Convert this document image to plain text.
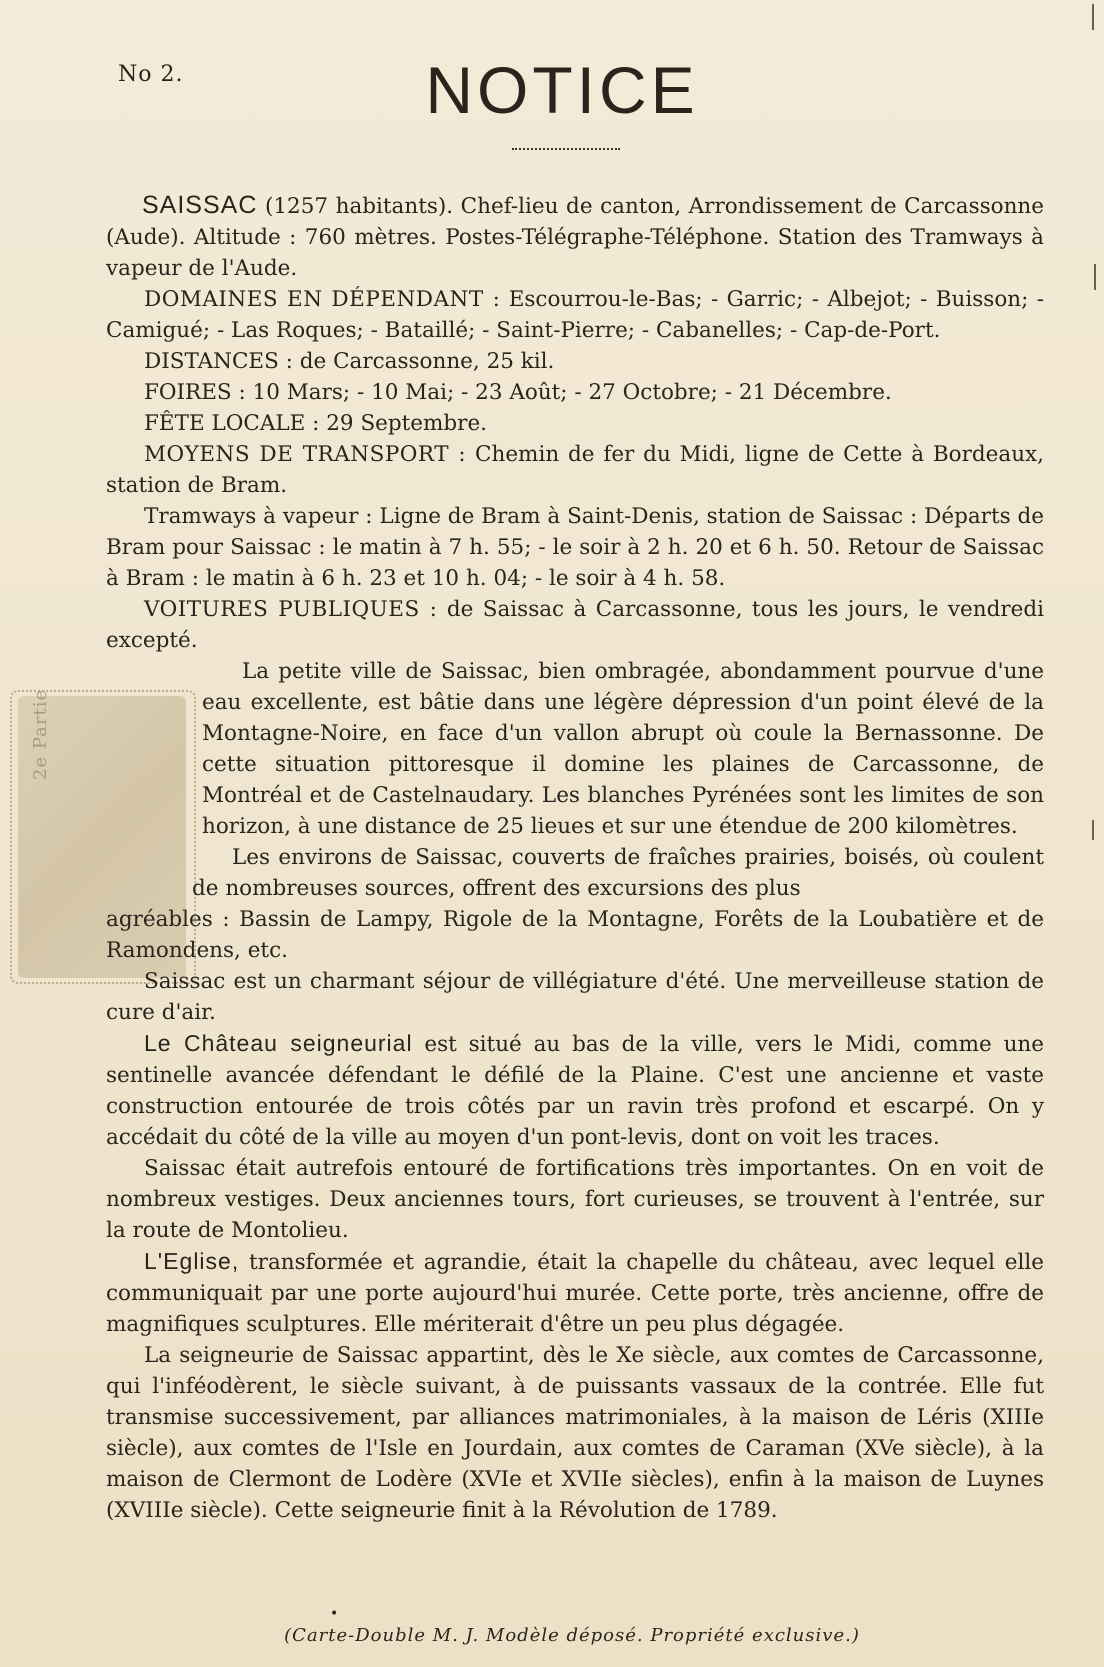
No 2.	NOTICE
2e Partie

SAISSAC (1257 habitants). Chef-lieu de canton, Arrondissement de Carcassonne (Aude). Altitude : 760 mètres. Postes-Télégraphe-Téléphone. Station des Tramways à vapeur de l'Aude.

DOMAINES EN DÉPENDANT : Escourrou-le-Bas; - Garric; - Albejot; - Buisson; - Camigué; - Las Roques; - Bataillé; - Saint-Pierre; - Cabanelles; - Cap-de-Port.

DISTANCES : de Carcassonne, 25 kil.

FOIRES : 10 Mars; - 10 Mai; - 23 Août; - 27 Octobre; - 21 Décembre.

FÊTE LOCALE : 29 Septembre.

MOYENS DE TRANSPORT : Chemin de fer du Midi, ligne de Cette à Bordeaux, station de Bram.

Tramways à vapeur : Ligne de Bram à Saint-Denis, station de Saissac : Départs de Bram pour Saissac : le matin à 7 h. 55; - le soir à 2 h. 20 et 6 h. 50. Retour de Saissac à Bram : le matin à 6 h. 23 et 10 h. 04; - le soir à 4 h. 58.

VOITURES PUBLIQUES : de Saissac à Carcassonne, tous les jours, le vendredi excepté.

La petite ville de Saissac, bien ombragée, abondamment pourvue d'une eau excellente, est bâtie dans une légère dépression d'un point élevé de la Montagne-Noire, en face d'un vallon abrupt où coule la Bernassonne. De cette situation pittoresque il domine les plaines de Carcassonne, de Montréal et de Castelnaudary. Les blanches Pyrénées sont les limites de son horizon, à une distance de 25 lieues et sur une étendue de 200 kilomètres.

Les environs de Saissac, couverts de fraîches prairies, boisés, où coulent de nombreuses sources, offrent des excursions des plus

agréables : Bassin de Lampy, Rigole de la Montagne, Forêts de la Loubatière et de Ramondens, etc.

Saissac est un charmant séjour de villégiature d'été. Une merveilleuse station de cure d'air.

Le Château seigneurial est situé au bas de la ville, vers le Midi, comme une sentinelle avancée défendant le défilé de la Plaine. C'est une ancienne et vaste construction entourée de trois côtés par un ravin très profond et escarpé. On y accédait du côté de la ville au moyen d'un pont-levis, dont on voit les traces.

Saissac était autrefois entouré de fortifications très importantes. On en voit de nombreux vestiges. Deux anciennes tours, fort curieuses, se trouvent à l'entrée, sur la route de Montolieu.

L'Eglise, transformée et agrandie, était la chapelle du château, avec lequel elle communiquait par une porte aujourd'hui murée. Cette porte, très ancienne, offre de magnifiques sculptures. Elle mériterait d'être un peu plus dégagée.

La seigneurie de Saissac appartint, dès le Xe siècle, aux comtes de Carcassonne, qui l'inféodèrent, le siècle suivant, à de puissants vassaux de la contrée. Elle fut transmise successivement, par alliances matrimoniales, à la maison de Léris (XIIIe siècle), aux comtes de l'Isle en Jourdain, aux comtes de Caraman (XVe siècle), à la maison de Clermont de Lodère (XVIe et XVIIe siècles), enfin à la maison de Luynes (XVIIIe siècle). Cette seigneurie finit à la Révolution de 1789.

•
(Carte-Double M. J. Modèle déposé. Propriété exclusive.)
